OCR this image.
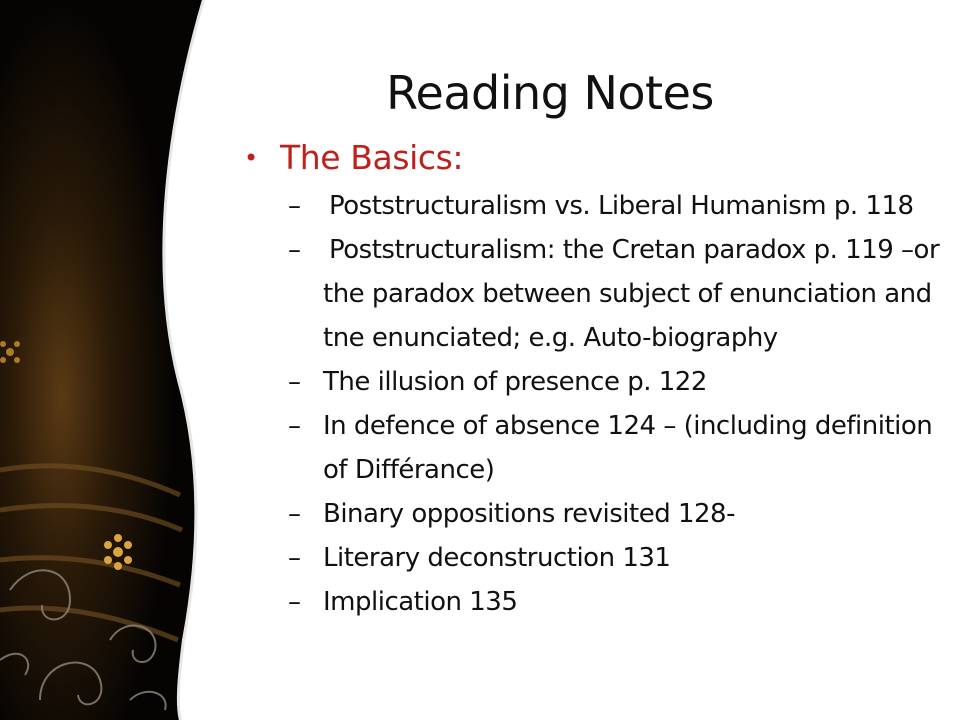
Reading Notes
• The Basics:
– Poststructuralism vs. Liberal Humanism p. 118
– Poststructuralism: the Cretan paradox p. 119 –or the paradox between subject of enunciation and tne enunciated; e.g. Auto-biography
– The illusion of presence p. 122
– In defence of absence 124 – (including definition of Différance)
– Binary oppositions revisited 128-
– Literary deconstruction 131
– Implication 135
